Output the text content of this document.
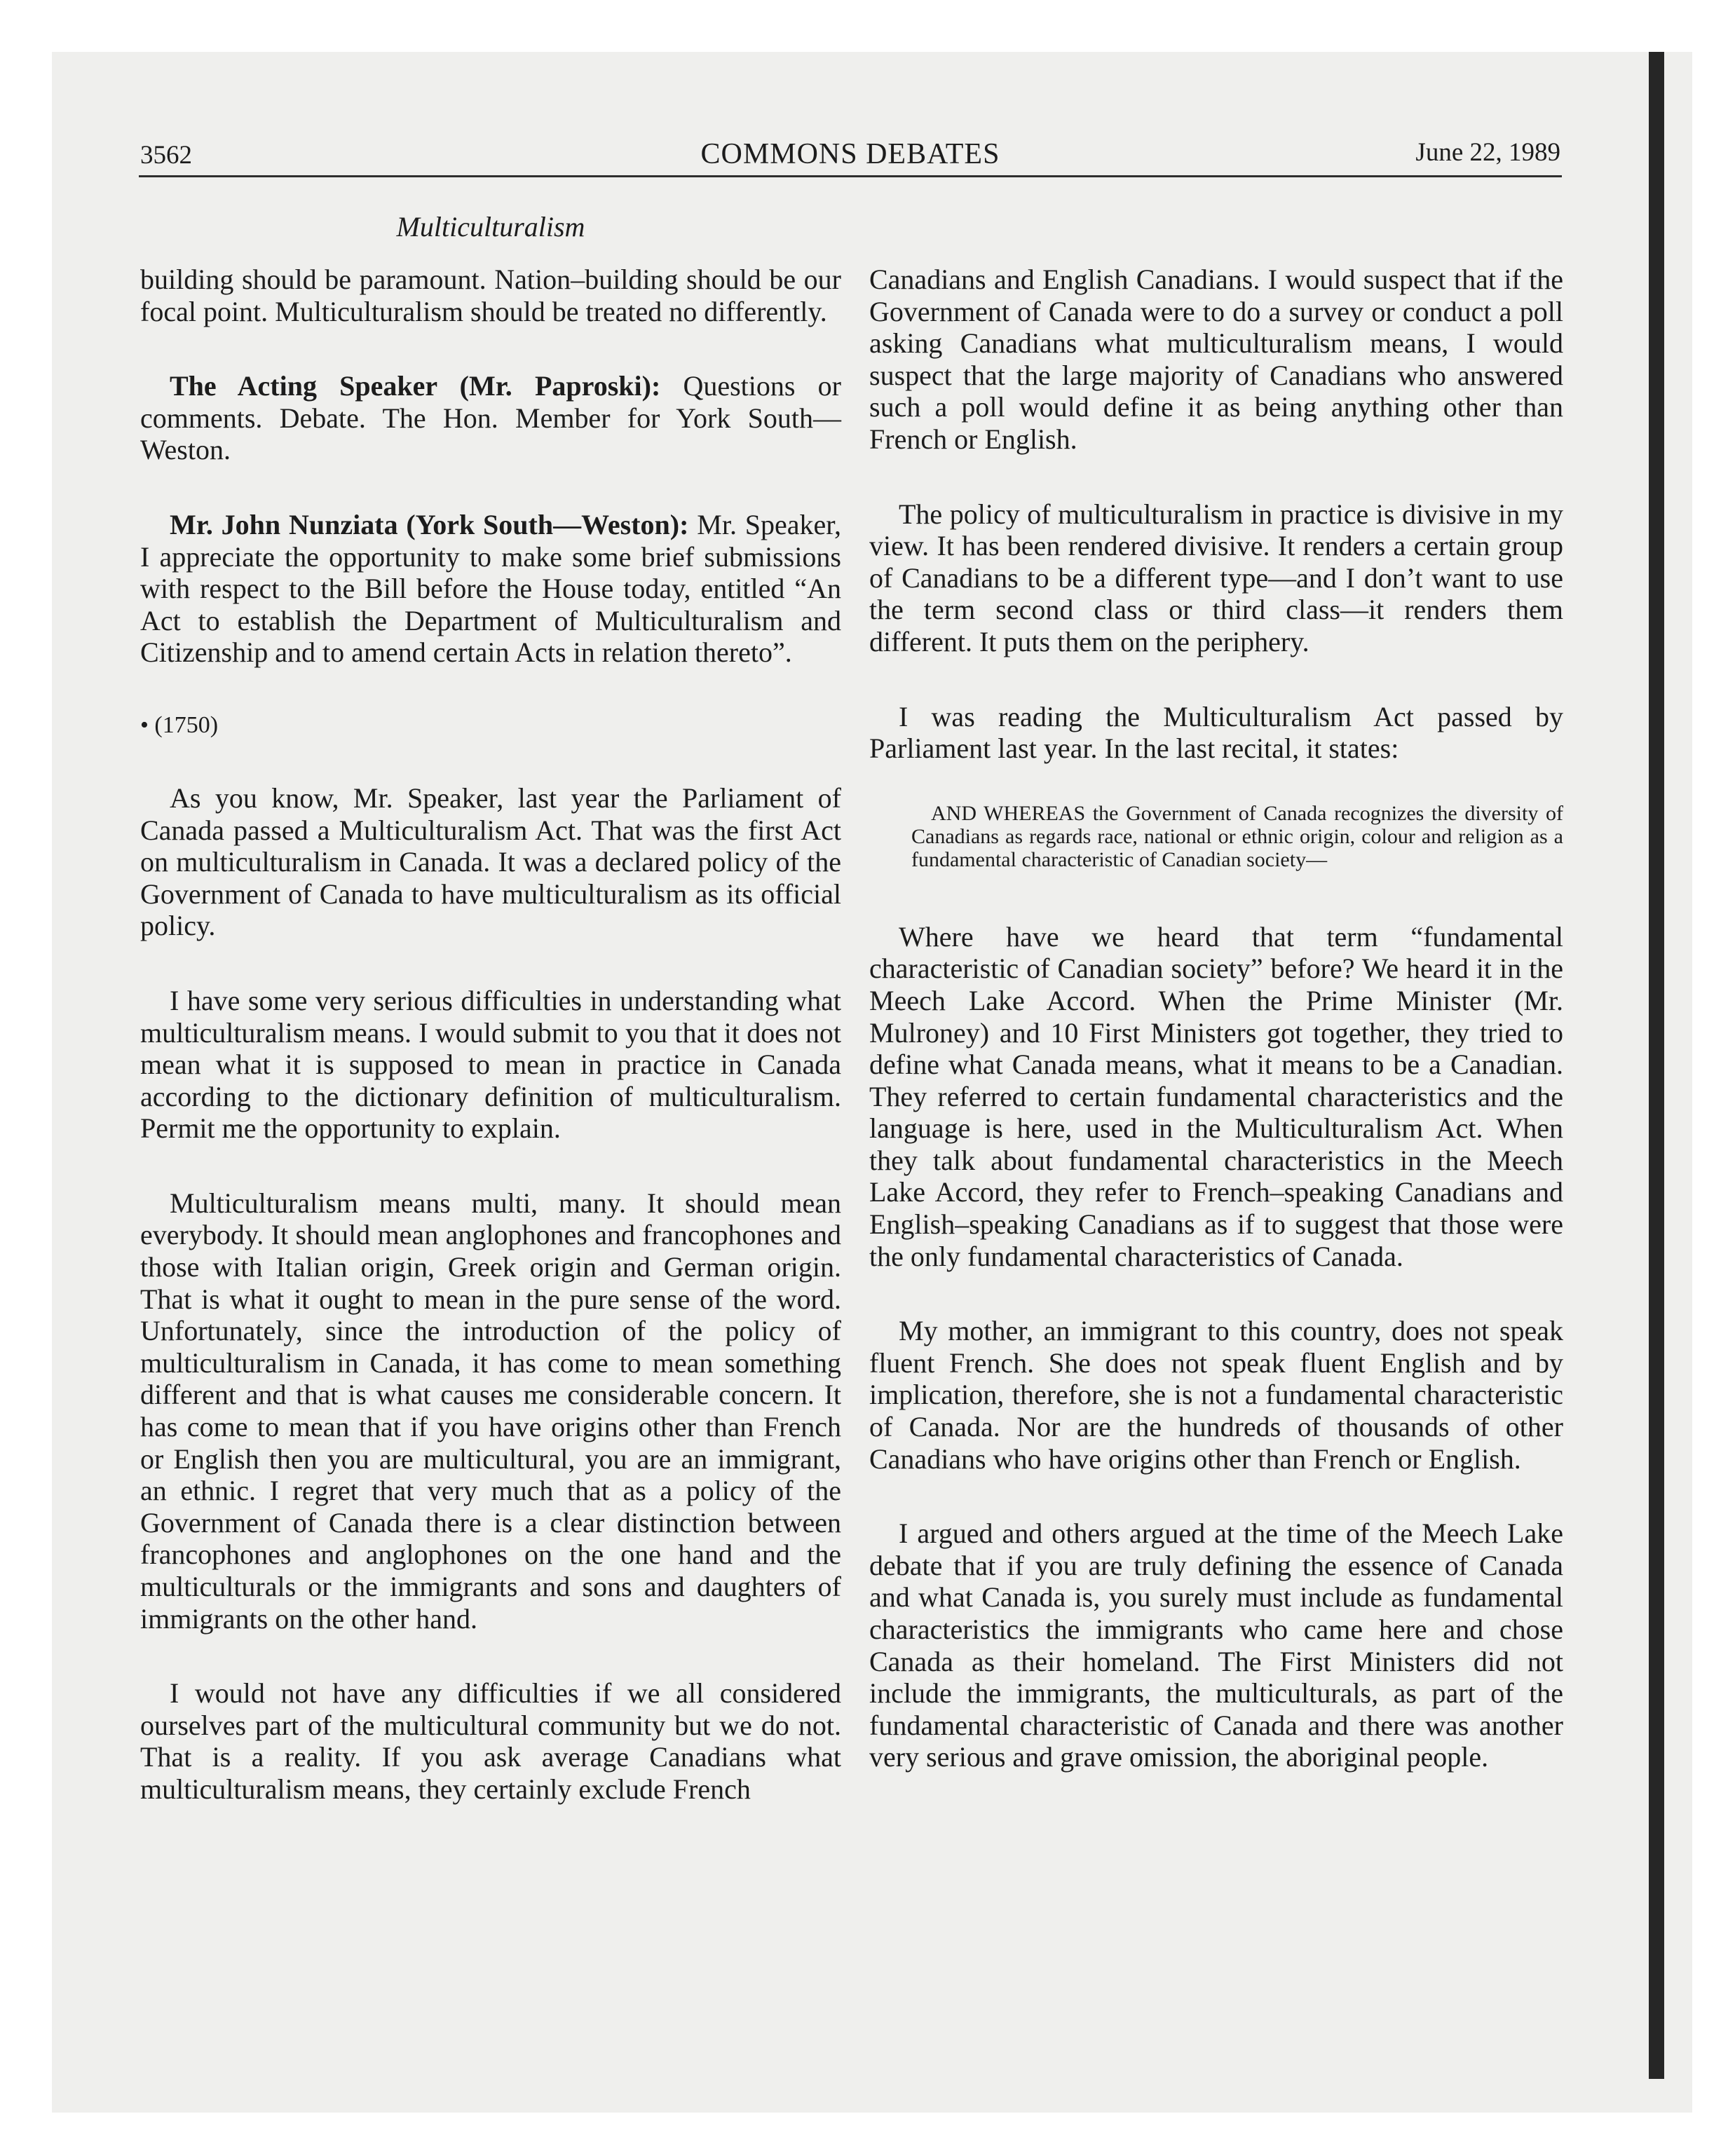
3562	COMMONS DEBATES	June 22, 1989
Multiculturalism

building should be paramount. Nation–building should be our focal point. Multiculturalism should be treated no differently.

The Acting Speaker (Mr. Paproski): Questions or comments. Debate. The Hon. Member for York South—Weston.

Mr. John Nunziata (York South—Weston): Mr. Speaker, I appreciate the opportunity to make some brief submissions with respect to the Bill before the House today, entitled “An Act to establish the Department of Multiculturalism and Citizenship and to amend certain Acts in relation thereto”.

• (1750)

As you know, Mr. Speaker, last year the Parliament of Canada passed a Multiculturalism Act. That was the first Act on multiculturalism in Canada. It was a declared policy of the Government of Canada to have multiculturalism as its official policy.

I have some very serious difficulties in understanding what multiculturalism means. I would submit to you that it does not mean what it is supposed to mean in practice in Canada according to the dictionary definition of multiculturalism. Permit me the opportunity to explain.

Multiculturalism means multi, many. It should mean everybody. It should mean anglophones and francophones and those with Italian origin, Greek origin and German origin. That is what it ought to mean in the pure sense of the word. Unfortunately, since the introduction of the policy of multiculturalism in Canada, it has come to mean something different and that is what causes me considerable concern. It has come to mean that if you have origins other than French or English then you are multicultural, you are an immigrant, an ethnic. I regret that very much that as a policy of the Government of Canada there is a clear distinction between francophones and anglophones on the one hand and the multiculturals or the immigrants and sons and daughters of immigrants on the other hand.

I would not have any difficulties if we all considered ourselves part of the multicultural community but we do not. That is a reality. If you ask average Canadians what multiculturalism means, they certainly exclude French

Canadians and English Canadians. I would suspect that if the Government of Canada were to do a survey or conduct a poll asking Canadians what multiculturalism means, I would suspect that the large majority of Canadians who answered such a poll would define it as being anything other than French or English.

The policy of multiculturalism in practice is divisive in my view. It has been rendered divisive. It renders a certain group of Canadians to be a different type—and I don’t want to use the term second class or third class—it renders them different. It puts them on the periphery.

I was reading the Multiculturalism Act passed by Parliament last year. In the last recital, it states:

AND WHEREAS the Government of Canada recognizes the diversity of Canadians as regards race, national or ethnic origin, colour and religion as a fundamental characteristic of Canadian society—

Where have we heard that term “fundamental characteristic of Canadian society” before? We heard it in the Meech Lake Accord. When the Prime Minister (Mr. Mulroney) and 10 First Ministers got together, they tried to define what Canada means, what it means to be a Canadian. They referred to certain fundamental characteristics and the language is here, used in the Multiculturalism Act. When they talk about fundamental characteristics in the Meech Lake Accord, they refer to French–speaking Canadians and English–speaking Canadians as if to suggest that those were the only fundamental characteristics of Canada.

My mother, an immigrant to this country, does not speak fluent French. She does not speak fluent English and by implication, therefore, she is not a fundamental characteristic of Canada. Nor are the hundreds of thousands of other Canadians who have origins other than French or English.

I argued and others argued at the time of the Meech Lake debate that if you are truly defining the essence of Canada and what Canada is, you surely must include as fundamental characteristics the immigrants who came here and chose Canada as their homeland. The First Ministers did not include the immigrants, the multiculturals, as part of the fundamental characteristic of Canada and there was another very serious and grave omission, the aboriginal people.
